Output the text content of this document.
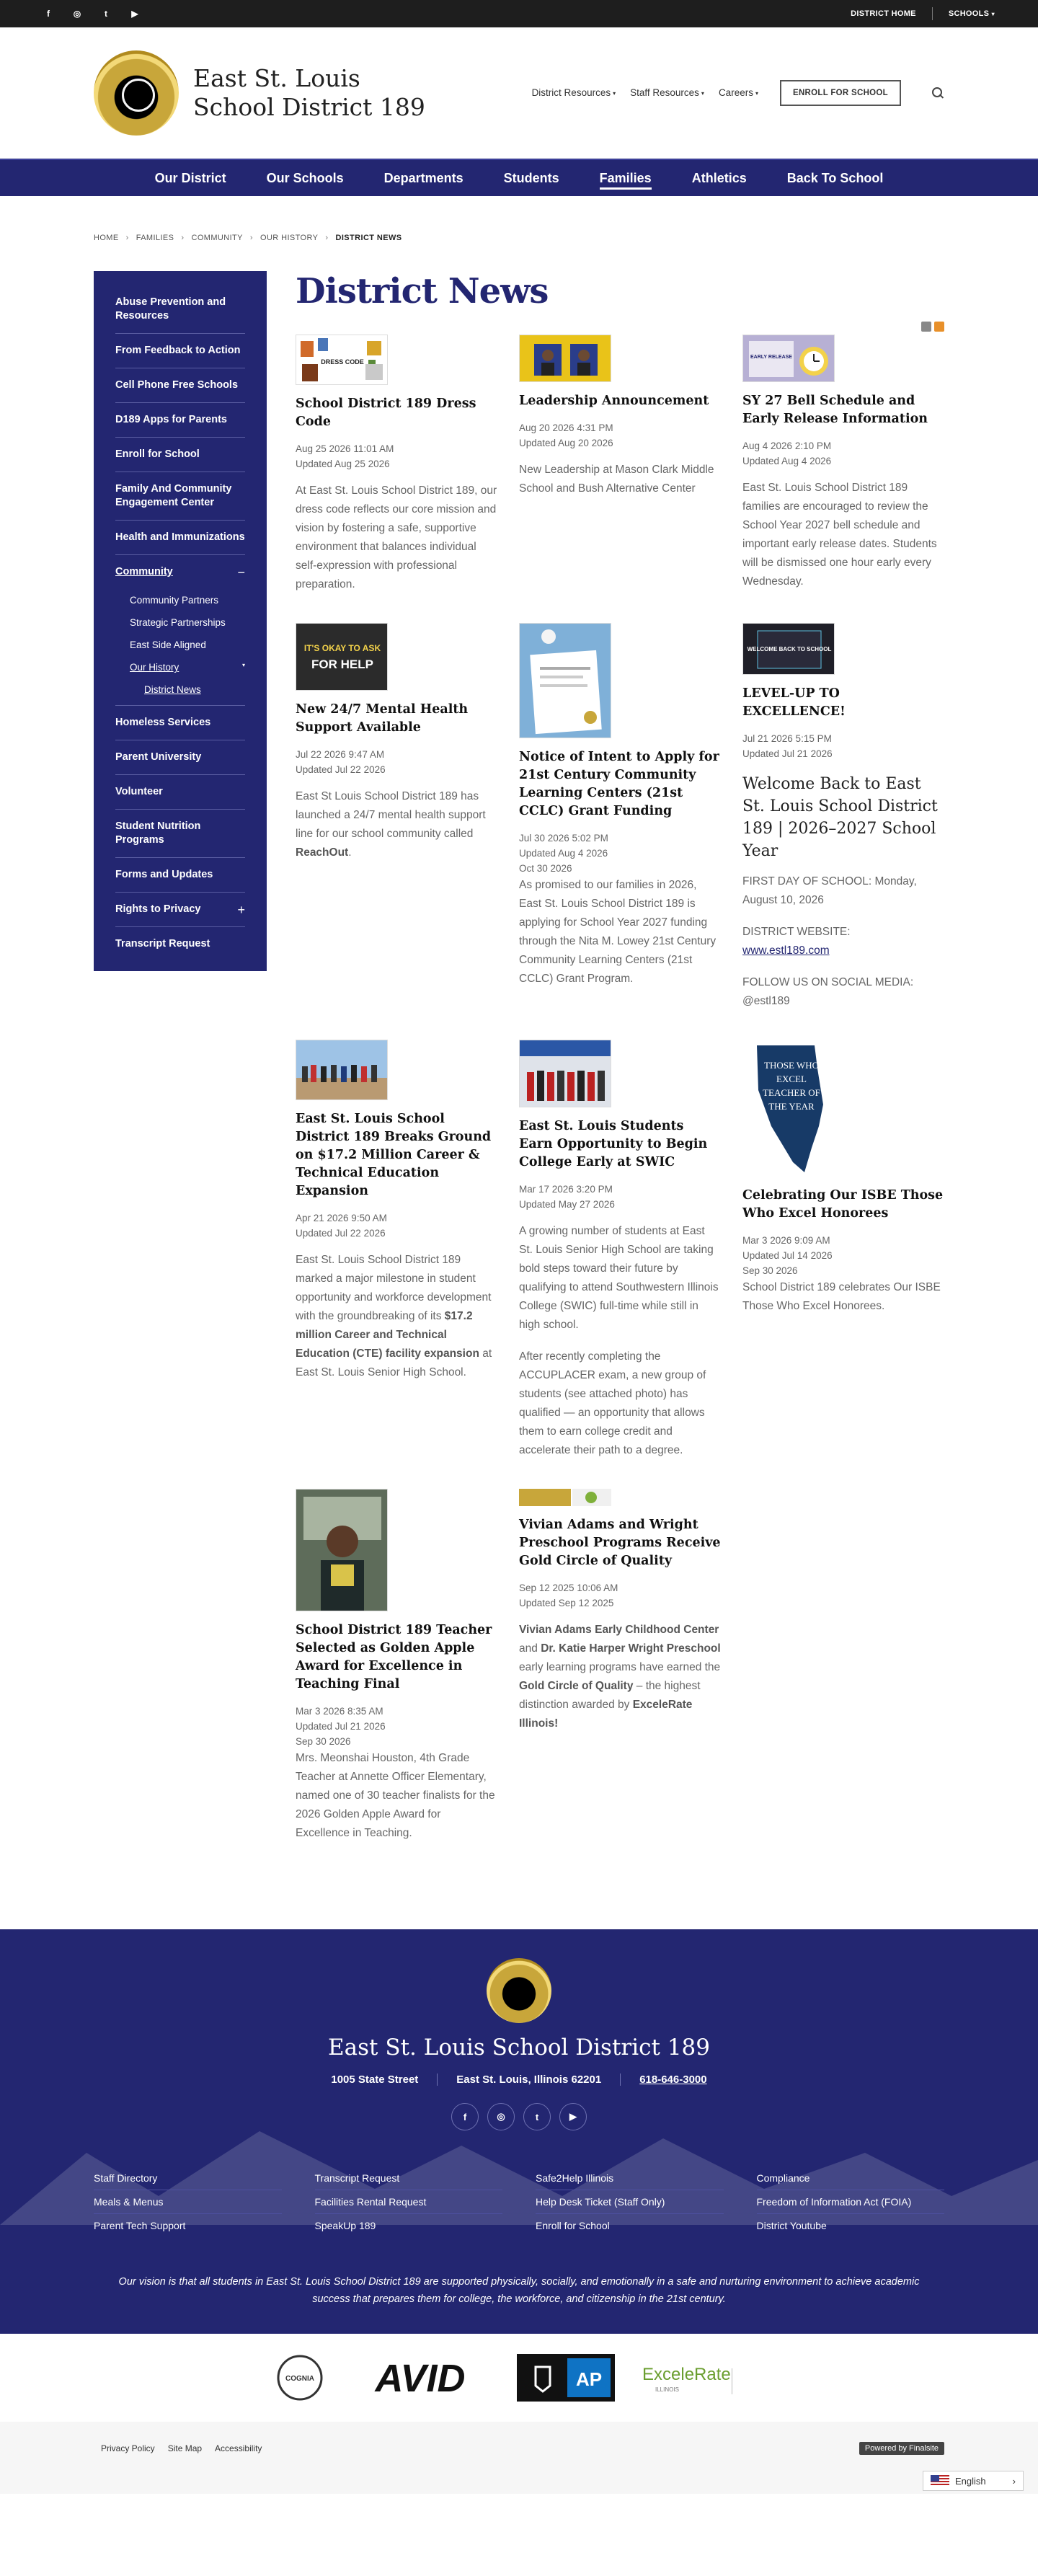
f	◎	t	▶	DISTRICT HOME	SCHOOLS ▾
East St. Louis School District 189	District Resources ▾ Staff Resources ▾ Careers ▾	ENROLL FOR SCHOOL
Our District	Our Schools	Departments	Students	Families	Athletics	Back To School
HOME › FAMILIES › COMMUNITY › OUR HISTORY › DISTRICT NEWS
Abuse Prevention and Resources
From Feedback to Action
Cell Phone Free Schools
D189 Apps for Parents
Enroll for School
Family And Community Engagement Center
Health and Immunizations
Community	−
Community Partners
Strategic Partnerships
East Side Aligned
Our History	▾
District News
Homeless Services
Parent University
Volunteer
Student Nutrition Programs
Forms and Updates
Rights to Privacy	+
Transcript Request
District News
DRESS CODE
School District 189 Dress Code
Aug 25 2026 11:01 AM
Updated Aug 25 2026

At East St. Louis School District 189, our dress code reflects our core mission and vision by fostering a safe, supportive environment that balances individual self-expression with professional preparation.

Leadership Announcement
Aug 20 2026 4:31 PM
Updated Aug 20 2026

New Leadership at Mason Clark Middle School and Bush Alternative Center

EARLY RELEASE
SY 27 Bell Schedule and Early Release Information
Aug 4 2026 2:10 PM
Updated Aug 4 2026

East St. Louis School District 189 families are encouraged to review the School Year 2027 bell schedule and important early release dates. Students will be dismissed one hour early every Wednesday.

IT'S OKAY TO ASK
FOR HELP
New 24/7 Mental Health Support Available
Jul 22 2026 9:47 AM
Updated Jul 22 2026

East St Louis School District 189 has launched a 24/7 mental health support line for our school community called ReachOut.

Notice of Intent to Apply for 21st Century Community Learning Centers (21st CCLC) Grant Funding
Jul 30 2026 5:02 PM
Updated Aug 4 2026
Oct 30 2026

As promised to our families in 2026, East St. Louis School District 189 is applying for School Year 2027 funding through the Nita M. Lowey 21st Century Community Learning Centers (21st CCLC) Grant Program.

WELCOME BACK TO SCHOOL
LEVEL-UP TO EXCELLENCE!
Jul 21 2026 5:15 PM
Updated Jul 21 2026
Welcome Back to East St. Louis School District 189 | 2026–2027 School Year

FIRST DAY OF SCHOOL: Monday, August 10, 2026

DISTRICT WEBSITE:
www.estl189.com

FOLLOW US ON SOCIAL MEDIA: @estl189

East St. Louis School District 189 Breaks Ground on $17.2 Million Career & Technical Education Expansion
Apr 21 2026 9:50 AM
Updated Jul 22 2026

East St. Louis School District 189 marked a major milestone in student opportunity and workforce development with the groundbreaking of its $17.2 million Career and Technical Education (CTE) facility expansion at East St. Louis Senior High School.

East St. Louis Students Earn Opportunity to Begin College Early at SWIC
Mar 17 2026 3:20 PM
Updated May 27 2026

A growing number of students at East St. Louis Senior High School are taking bold steps toward their future by qualifying to attend Southwestern Illinois College (SWIC) full-time while still in high school.

After recently completing the ACCUPLACER exam, a new group of students (see attached photo) has qualified — an opportunity that allows them to earn college credit and accelerate their path to a degree.

THOSE WHO EXCEL TEACHER OF THE YEAR
Celebrating Our ISBE Those Who Excel Honorees
Mar 3 2026 9:09 AM
Updated Jul 14 2026
Sep 30 2026

School District 189 celebrates Our ISBE Those Who Excel Honorees.

School District 189 Teacher Selected as Golden Apple Award for Excellence in Teaching Final
Mar 3 2026 8:35 AM
Updated Jul 21 2026
Sep 30 2026

Mrs. Meonshai Houston, 4th Grade Teacher at Annette Officer Elementary, named one of 30 teacher finalists for the 2026 Golden Apple Award for Excellence in Teaching.

Vivian Adams and Wright Preschool Programs Receive Gold Circle of Quality
Sep 12 2025 10:06 AM
Updated Sep 12 2025

Vivian Adams Early Childhood Center and Dr. Katie Harper Wright Preschool early learning programs have earned the Gold Circle of Quality – the highest distinction awarded by ExceleRate Illinois!

East St. Louis School District 189
1005 State Street	East St. Louis, Illinois 62201	618-646-3000
f	◎	t	▶
Staff Directory
Meals & Menus
Parent Tech Support
Transcript Request
Facilities Rental Request
SpeakUp 189
Safe2Help Illinois
Help Desk Ticket (Staff Only)
Enroll for School
Compliance
Freedom of Information Act (FOIA)
District Youtube

Our vision is that all students in East St. Louis School District 189 are supported physically, socially, and emotionally in a safe and nurturing environment to achieve academic success that prepares them for college, the workforce, and citizenship in the 21st century.

COGNIA AVID	AP ExceleRate
ILLINOIS
Privacy Policy Site Map Accessibility	Powered by Finalsite
English	›
